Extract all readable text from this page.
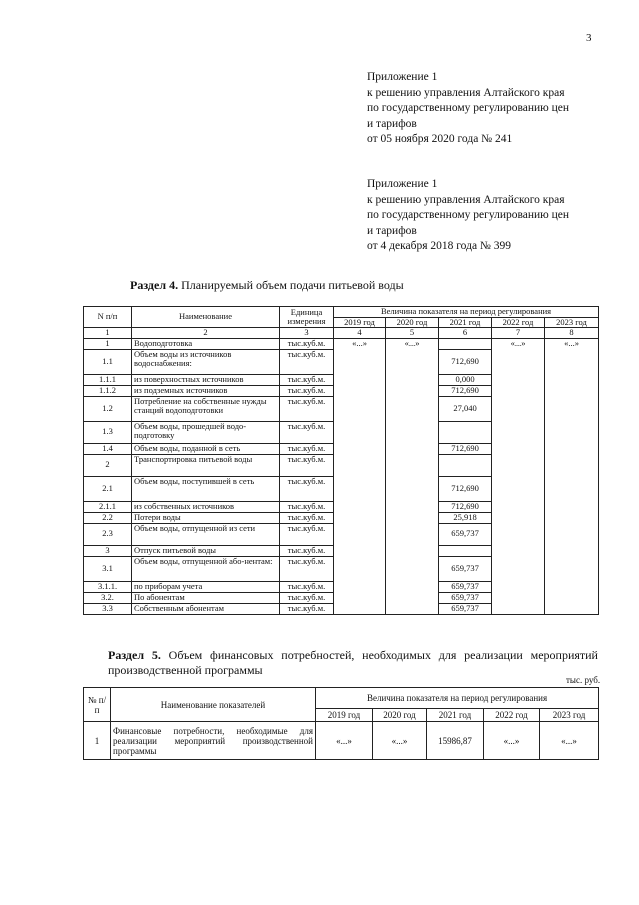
3
Приложение 1
к решению управления Алтайского края
по государственному регулированию цен
и тарифов
от 05 ноября 2020 года № 241
Приложение 1
к решению управления Алтайского края
по государственному регулированию цен
и тарифов
от 4 декабря 2018 года № 399
Раздел 4. Планируемый объем подачи питьевой воды
N п/п	Наименование	Единица измерения	Величина показателя на период регулирования				
			2019 год	2020 год	2021 год	2022 год	2023 год
1	2	3	4	5	6	7	8
1	Водоподготовка	тыс.куб.м.	«...»	«...»		«...»	«...»
1.1	Объем воды из источников водоснабжения:	тыс.куб.м.			712,690		
1.1.1	из поверхностных источников	тыс.куб.м.			0,000		
1.1.2	из подземных источников	тыс.куб.м.			712,690		
1.2	Потребление на собственные нужды станций водоподготовки	тыс.куб.м.			27,040		
1.3	Объем воды, прошедшей водо-подготовку	тыс.куб.м.					
1.4	Объем воды, поданной в сеть	тыс.куб.м.			712,690		
2	Транспортировка питьевой воды	тыс.куб.м.					
2.1	Объем воды, поступившей в сеть	тыс.куб.м.			712,690		
2.1.1	из собственных источников	тыс.куб.м.			712,690		
2.2	Потери воды	тыс.куб.м.			25,918		
2.3	Объем воды, отпущенной из сети	тыс.куб.м.			659,737		
3	Отпуск питьевой воды	тыс.куб.м.					
3.1	Объем воды, отпущенной або-нентам:	тыс.куб.м.			659,737		
3.1.1.	по приборам учета	тыс.куб.м.			659,737		
3.2.	По абонентам	тыс.куб.м.			659,737		
3.3	Собственным абонентам	тыс.куб.м.			659,737		
Раздел 5. Объем финансовых потребностей, необходимых для реализации мероприятий производственной программы
тыс. руб.
№ п/п	Наименование показателей	Величина показателя на период регулирования				
		2019 год	2020 год	2021 год	2022 год	2023 год
1	Финансовые потребности, необходимые для реализации мероприятий производственной программы	«...»	«...»	15986,87	«...»	«...»
